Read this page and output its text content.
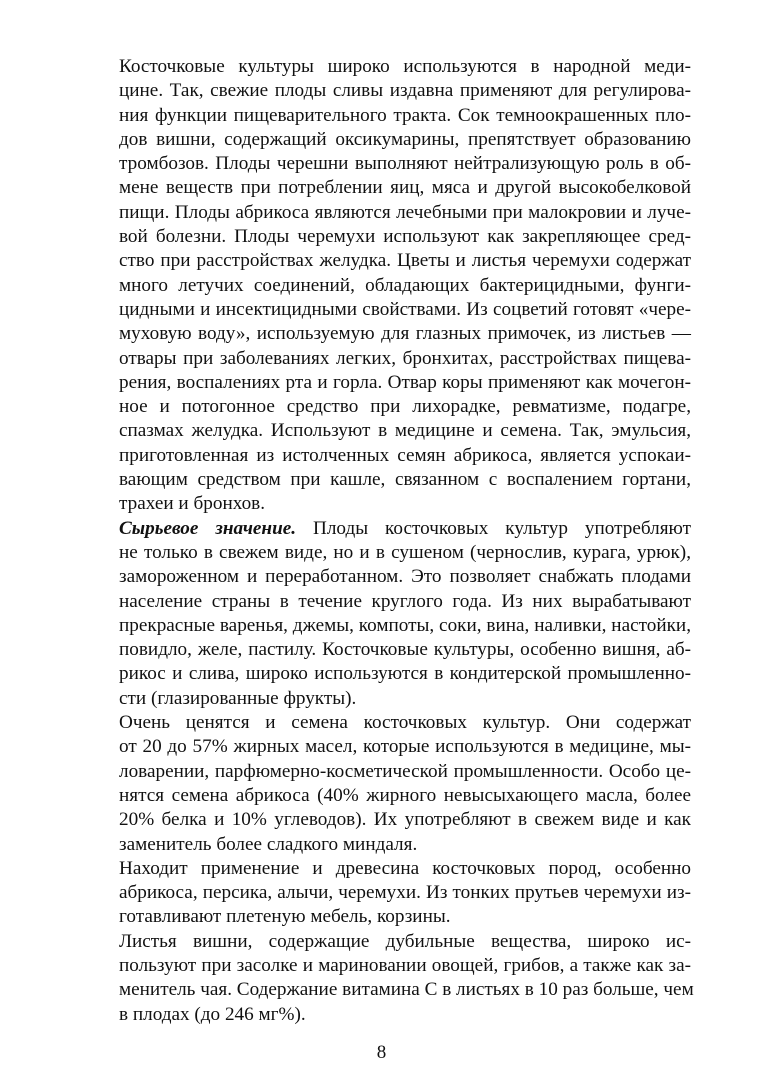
Косточковые культуры широко используются в народной меди-
цине. Так, свежие плоды сливы издавна применяют для регулирова-
ния функции пищеварительного тракта. Сок темноокрашенных пло-
дов вишни, содержащий оксикумарины, препятствует образованию
тромбозов. Плоды черешни выполняют нейтрализующую роль в об-
мене веществ при потреблении яиц, мяса и другой высокобелковой
пищи. Плоды абрикоса являются лечебными при малокровии и луче-
вой болезни. Плоды черемухи используют как закрепляющее сред-
ство при расстройствах желудка. Цветы и листья черемухи содержат
много летучих соединений, обладающих бактерицидными, фунги-
цидными и инсектицидными свойствами. Из соцветий готовят «чере-
муховую воду», используемую для глазных примочек, из листьев —
отвары при заболеваниях легких, бронхитах, расстройствах пищева-
рения, воспалениях рта и горла. Отвар коры применяют как мочегон-
ное и потогонное средство при лихорадке, ревматизме, подагре,
спазмах желудка. Используют в медицине и семена. Так, эмульсия,
приготовленная из истолченных семян абрикоса, является успокаи-
вающим средством при кашле, связанном с воспалением гортани,
трахеи и бронхов.

Сырьевое значение. Плоды косточковых культур употребляют
не только в свежем виде, но и в сушеном (чернослив, курага, урюк),
замороженном и переработанном. Это позволяет снабжать плодами
население страны в течение круглого года. Из них вырабатывают
прекрасные варенья, джемы, компоты, соки, вина, наливки, настойки,
повидло, желе, пастилу. Косточковые культуры, особенно вишня, аб-
рикос и слива, широко используются в кондитерской промышленно-
сти (глазированные фрукты).

Очень ценятся и семена косточковых культур. Они содержат
от 20 до 57% жирных масел, которые используются в медицине, мы-
ловарении, парфюмерно-косметической промышленности. Особо це-
нятся семена абрикоса (40% жирного невысыхающего масла, более
20% белка и 10% углеводов). Их употребляют в свежем виде и как
заменитель более сладкого миндаля.

Находит применение и древесина косточковых пород, особенно
абрикоса, персика, алычи, черемухи. Из тонких прутьев черемухи из-
готавливают плетеную мебель, корзины.

Листья вишни, содержащие дубильные вещества, широко ис-
пользуют при засолке и мариновании овощей, грибов, а также как за-
менитель чая. Содержание витамина С в листьях в 10 раз больше, чем
в плодах (до 246 мг%).

8
